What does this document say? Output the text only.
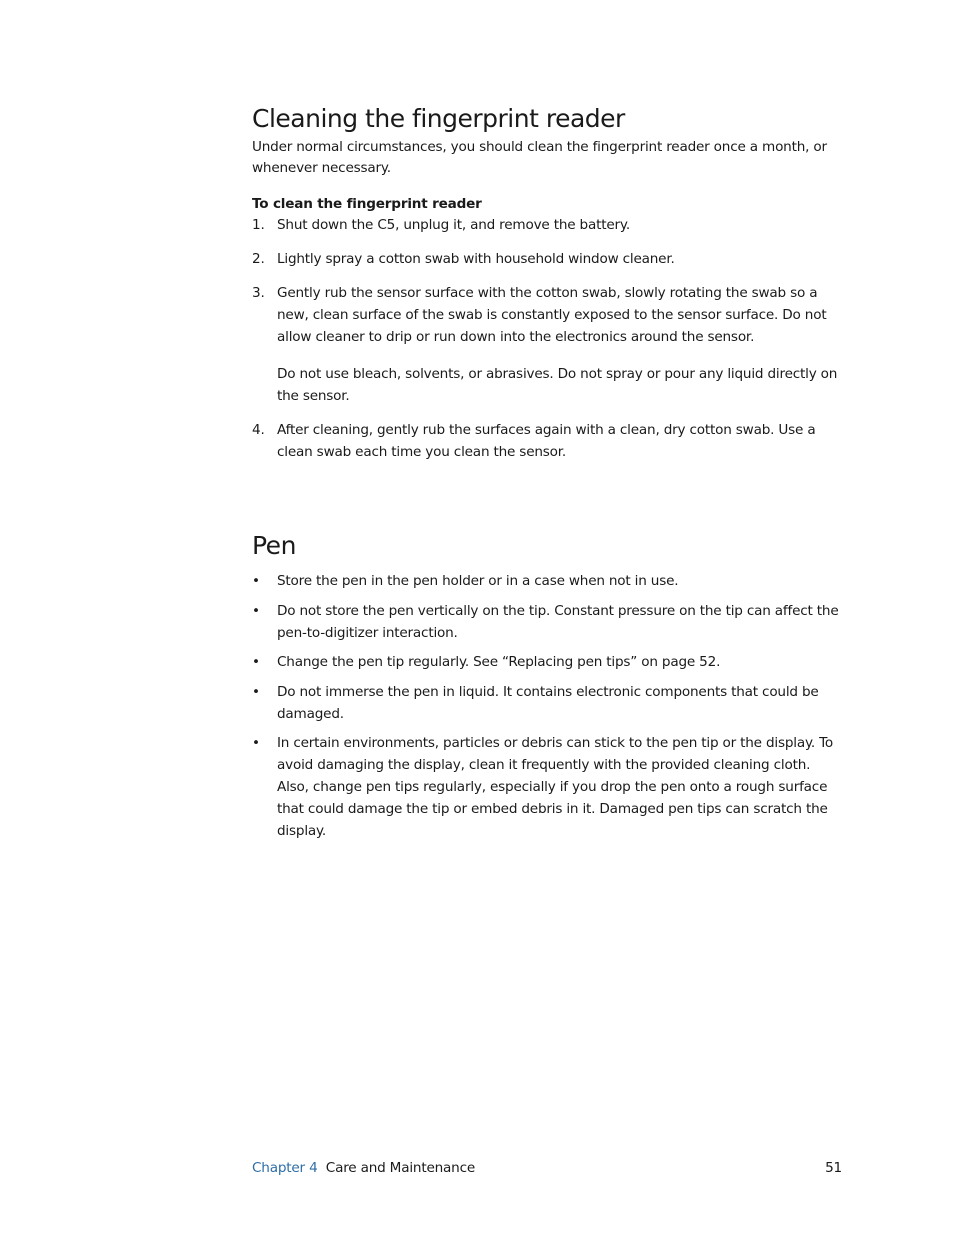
Cleaning the fingerprint reader
Under normal circumstances, you should clean the fingerprint reader once a month, or whenever necessary.
To clean the fingerprint reader
1. Shut down the C5, unplug it, and remove the battery.
2. Lightly spray a cotton swab with household window cleaner.
3. Gently rub the sensor surface with the cotton swab, slowly rotating the swab so a new, clean surface of the swab is constantly exposed to the sensor surface. Do not allow cleaner to drip or run down into the electronics around the sensor.
Do not use bleach, solvents, or abrasives. Do not spray or pour any liquid directly on the sensor.
4. After cleaning, gently rub the surfaces again with a clean, dry cotton swab. Use a clean swab each time you clean the sensor.
Pen
• Store the pen in the pen holder or in a case when not in use.
• Do not store the pen vertically on the tip. Constant pressure on the tip can affect the pen-to-digitizer interaction.
• Change the pen tip regularly. See “Replacing pen tips” on page 52.
• Do not immerse the pen in liquid. It contains electronic components that could be damaged.
• In certain environments, particles or debris can stick to the pen tip or the display. To avoid damaging the display, clean it frequently with the provided cleaning cloth. Also, change pen tips regularly, especially if you drop the pen onto a rough surface that could damage the tip or embed debris in it. Damaged pen tips can scratch the display.
Chapter 4 Care and Maintenance	51
